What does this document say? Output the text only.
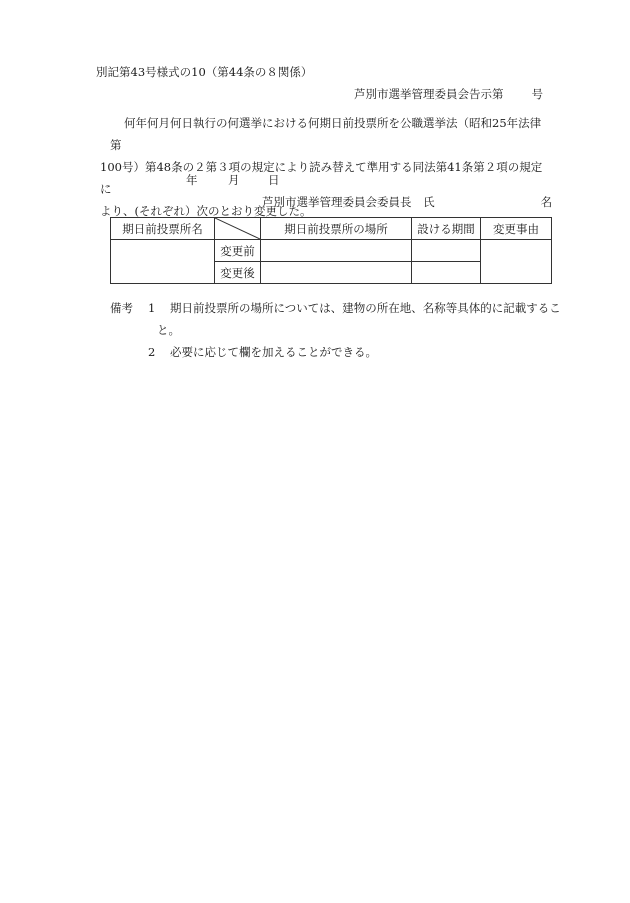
別記第43号様式の10（第44条の８関係）
芦別市選挙管理委員会告示第 号

何年何月何日執行の何選挙における何期日前投票所を公職選挙法（昭和25年法律第

100号）第48条の２第３項の規定により読み替えて準用する同法第41条第２項の規定に

より、(それぞれ）次のとおり変更した。

年	月 日
芦別市選挙管理委員会委員長 氏	名
期日前投票所名		期日前投票所の場所	設ける期間	変更事由
	変更前			
	変更後			
備考 1 期日前投票所の場所については、建物の所在地、名称等具体的に記載するこ
と。
2 必要に応じて欄を加えることができる。
